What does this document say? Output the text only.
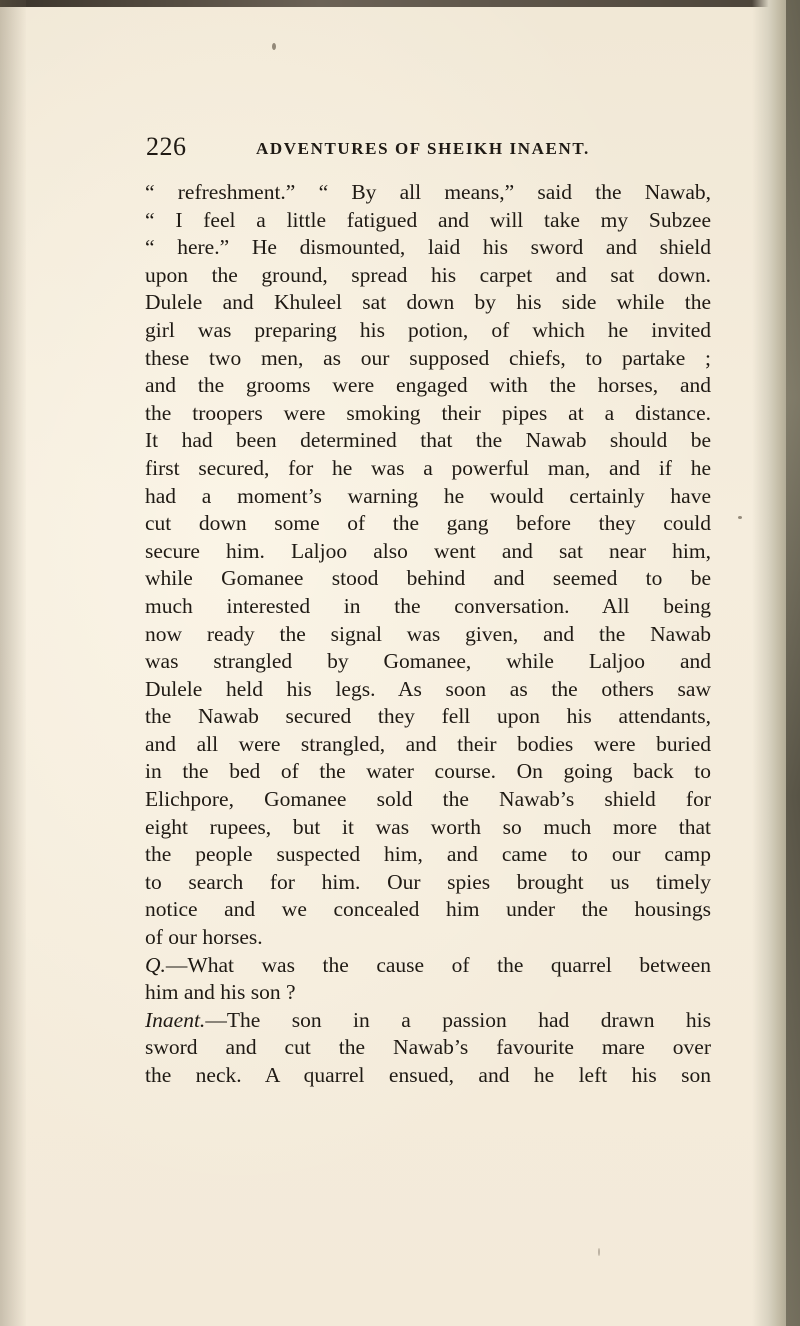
226	ADVENTURES OF SHEIKH INAENT.
“ refreshment.” “ By all means,” said the Nawab,
“ I feel a little fatigued and will take my Subzee
“ here.” He dismounted, laid his sword and shield
upon the ground, spread his carpet and sat down.
Dulele and Khuleel sat down by his side while the
girl was preparing his potion, of which he invited
these two men, as our supposed chiefs, to partake ;
and the grooms were engaged with the horses, and
the troopers were smoking their pipes at a distance.
It had been determined that the Nawab should be
first secured, for he was a powerful man, and if he
had a moment’s warning he would certainly have
cut down some of the gang before they could
secure him. Laljoo also went and sat near him,
while Gomanee stood behind and seemed to be
much interested in the conversation. All being
now ready the signal was given, and the Nawab
was strangled by Gomanee, while Laljoo and
Dulele held his legs. As soon as the others saw
the Nawab secured they fell upon his attendants,
and all were strangled, and their bodies were buried
in the bed of the water course. On going back to
Elichpore, Gomanee sold the Nawab’s shield for
eight rupees, but it was worth so much more that
the people suspected him, and came to our camp
to search for him. Our spies brought us timely
notice and we concealed him under the housings
of our horses.
Q.—What was the cause of the quarrel between
him and his son ?
Inaent.—The son in a passion had drawn his
sword and cut the Nawab’s favourite mare over
the neck. A quarrel ensued, and he left his son
